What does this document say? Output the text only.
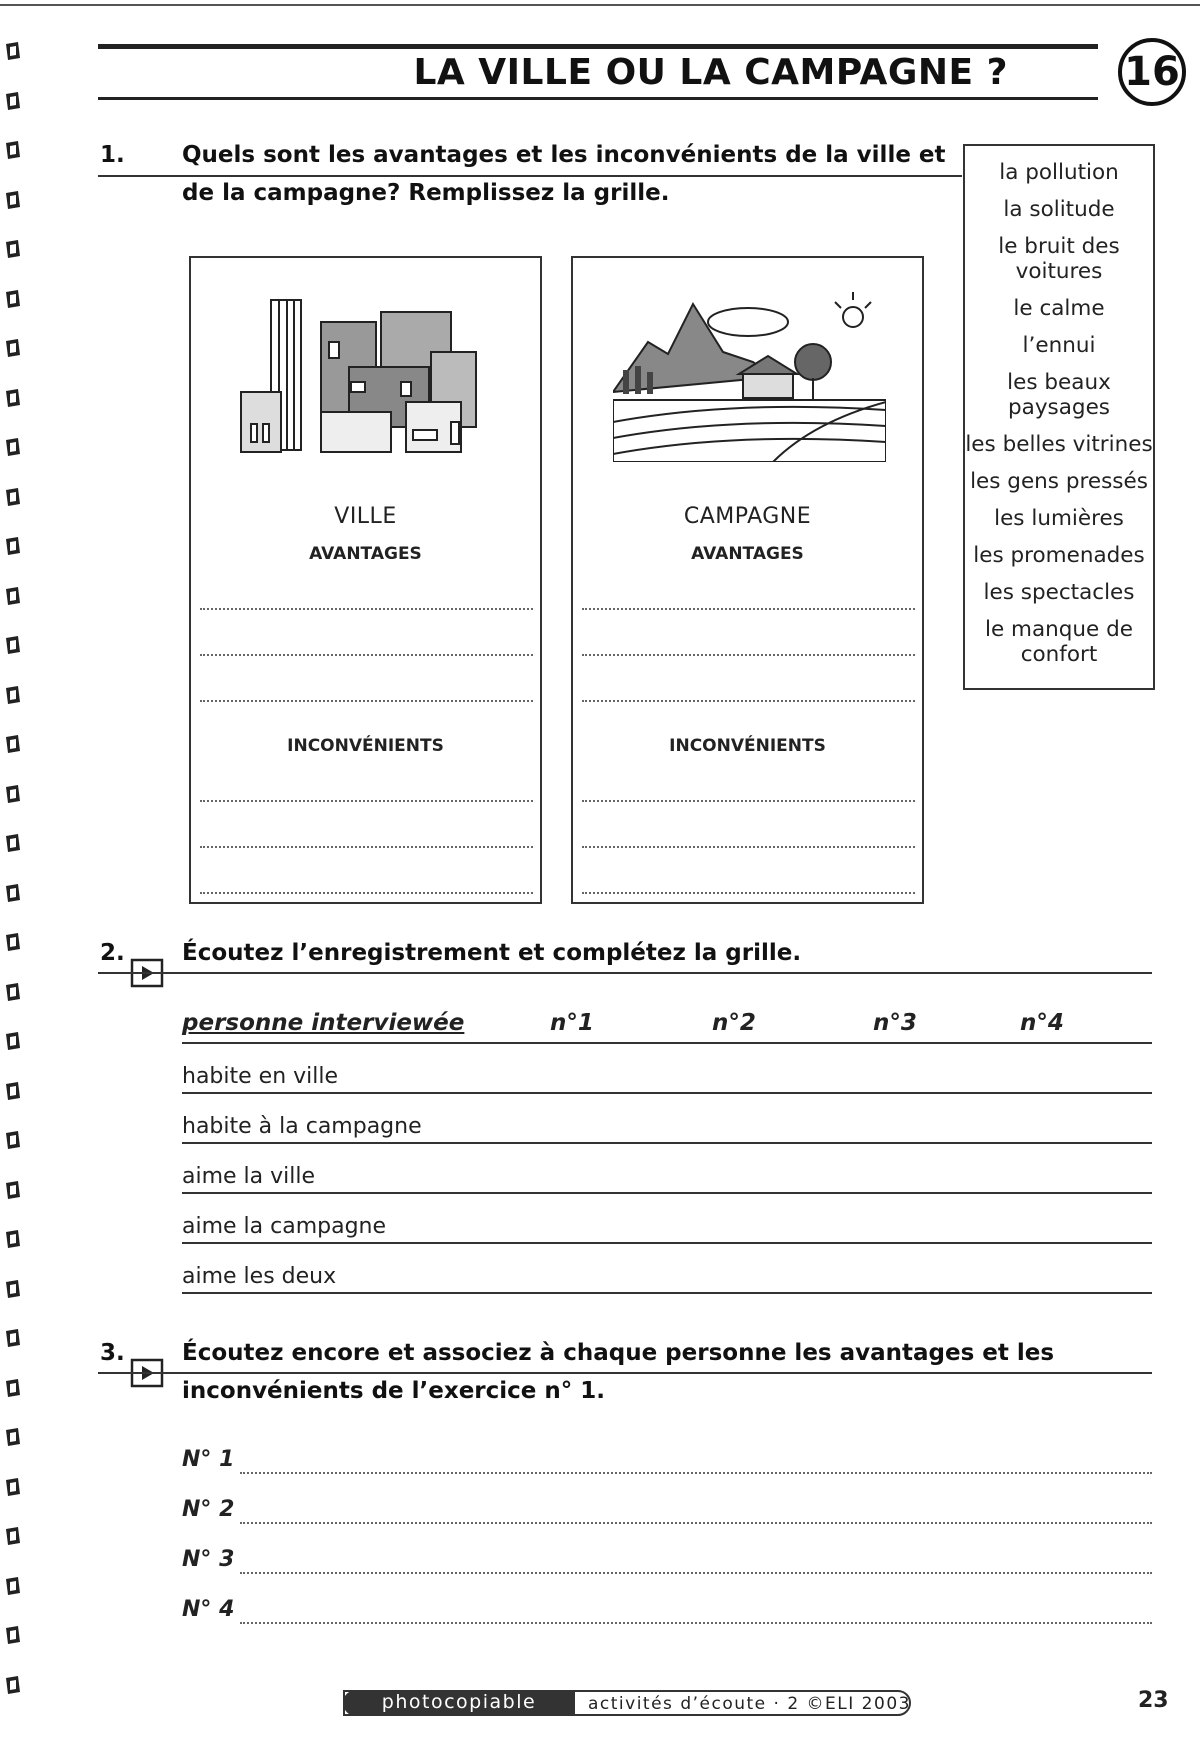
LA VILLE OU LA CAMPAGNE ?	16
1. Quels sont les avantages et les inconvénients de la ville et
de la campagne? Remplissez la grille.
la pollution
la solitude
le bruit des voitures
le calme
l’ennui
les beaux paysages
les belles vitrines
les gens pressés
les lumières
les promenades
les spectacles
le manque de confort
VILLE
AVANTAGES
INCONVÉNIENTS
CAMPAGNE
AVANTAGES
INCONVÉNIENTS
2. Écoutez l’enregistrement et complétez la grille.
personne interviewée	n°1	n°2	n°3	n°4
habite en ville
habite à la campagne
aime la ville
aime la campagne
aime les deux
3. Écoutez encore et associez à chaque personne les avantages et les
inconvénients de l’exercice n° 1.
N° 1
N° 2
N° 3
N° 4
photocopiable	activités d’écoute · 2 ©ELI 2003	23
